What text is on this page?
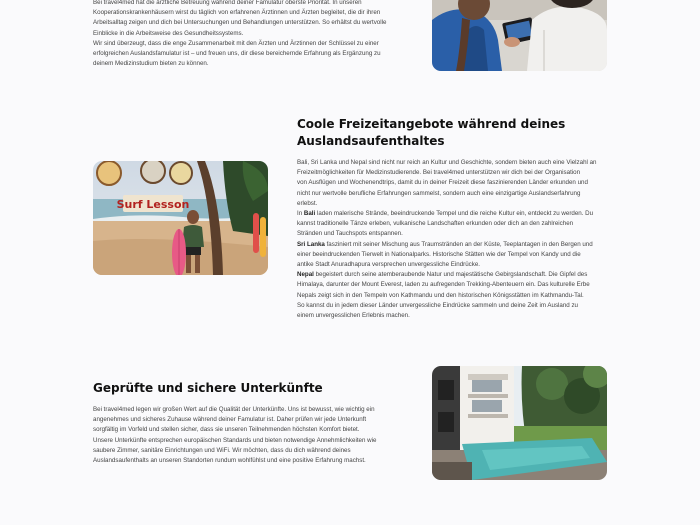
Bei travel4med hat die ärztliche Betreuung während deiner Famulatur oberste Priorität. In unseren
Kooperationskrankenhäusern wirst du täglich von erfahrenen Ärztinnen und Ärzten begleitet, die dir ihren
Arbeitsalltag zeigen und dich bei Untersuchungen und Behandlungen unterstützen. So erhältst du wertvolle
Einblicke in die Arbeitsweise des Gesundheitssystems.
Wir sind überzeugt, dass die enge Zusammenarbeit mit den Ärzten und Ärztinnen der Schlüssel zu einer
erfolgreichen Auslandsfamulatur ist – und freuen uns, dir diese bereichernde Erfahrung als Ergänzung zu
deinem Medizinstudium bieten zu können.

Coole Freizeitangebote während deines
Auslandsaufenthaltes
Surf Lesson

Bali, Sri Lanka und Nepal sind nicht nur reich an Kultur und Geschichte, sondern bieten auch eine Vielzahl an
Freizeitmöglichkeiten für Medizinstudierende. Bei travel4med unterstützen wir dich bei der Organisation
von Ausflügen und Wochenendtrips, damit du in deiner Freizeit diese faszinierenden Länder erkunden und
nicht nur wertvolle berufliche Erfahrungen sammelst, sondern auch eine einzigartige Auslandserfahrung
erlebst.

In Bali laden malerische Strände, beeindruckende Tempel und die reiche Kultur ein, entdeckt zu werden. Du
kannst traditionelle Tänze erleben, vulkanische Landschaften erkunden oder dich an den zahlreichen
Stränden und Tauchspots entspannen.

Sri Lanka fasziniert mit seiner Mischung aus Traumstränden an der Küste, Teeplantagen in den Bergen und
einer beeindruckenden Tierwelt in Nationalparks. Historische Stätten wie der Tempel von Kandy und die
antike Stadt Anuradhapura versprechen unvergessliche Eindrücke.

Nepal begeistert durch seine atemberaubende Natur und majestätische Gebirgslandschaft. Die Gipfel des
Himalaya, darunter der Mount Everest, laden zu aufregenden Trekking-Abenteuern ein. Das kulturelle Erbe
Nepals zeigt sich in den Tempeln von Kathmandu und den historischen Königsstätten im Kathmandu-Tal.
So kannst du in jedem dieser Länder unvergessliche Eindrücke sammeln und deine Zeit im Ausland zu
einem unvergesslichen Erlebnis machen.

Geprüfte und sichere Unterkünfte

Bei travel4med legen wir großen Wert auf die Qualität der Unterkünfte. Uns ist bewusst, wie wichtig ein
angenehmes und sicheres Zuhause während deiner Famulatur ist. Daher prüfen wir jede Unterkunft
sorgfältig im Vorfeld und stellen sicher, dass sie unseren Teilnehmenden höchsten Komfort bietet.
Unsere Unterkünfte entsprechen europäischen Standards und bieten notwendige Annehmlichkeiten wie
saubere Zimmer, sanitäre Einrichtungen und WiFi. Wir möchten, dass du dich während deines
Auslandsaufenthalts an unseren Standorten rundum wohlfühlst und eine positive Erfahrung machst.
